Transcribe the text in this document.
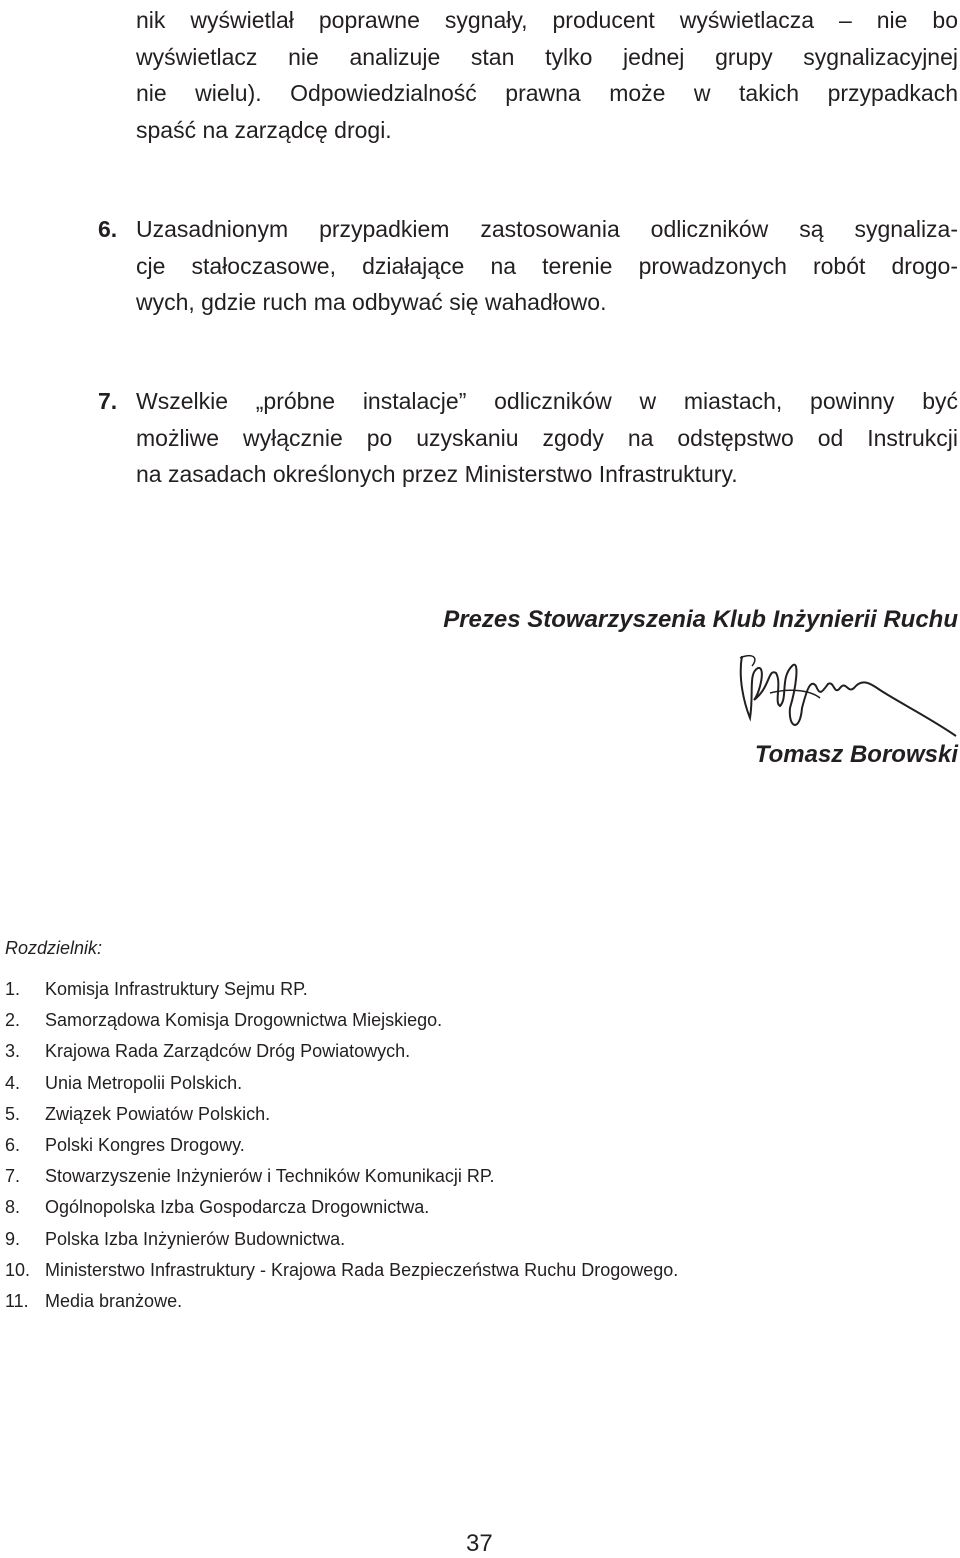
nik wyświetlał poprawne sygnały, producent wyświetlacza – nie bo
wyświetlacz nie analizuje stan tylko jednej grupy sygnalizacyjnej
nie wielu). Odpowiedzialność prawna może w takich przypadkach
spaść na zarządcę drogi.
6. Uzasadnionym przypadkiem zastosowania odliczników są sygnaliza-
cje stałoczasowe, działające na terenie prowadzonych robót drogo-
wych, gdzie ruch ma odbywać się wahadłowo.
7. Wszelkie „próbne instalacje” odliczników w miastach, powinny być
możliwe wyłącznie po uzyskaniu zgody na odstępstwo od Instrukcji
na zasadach określonych przez Ministerstwo Infrastruktury.
Prezes Stowarzyszenia Klub Inżynierii Ruchu
Tomasz Borowski
Rozdzielnik:
1. Komisja Infrastruktury Sejmu RP.
2. Samorządowa Komisja Drogownictwa Miejskiego.
3. Krajowa Rada Zarządców Dróg Powiatowych.
4. Unia Metropolii Polskich.
5. Związek Powiatów Polskich.
6. Polski Kongres Drogowy.
7. Stowarzyszenie Inżynierów i Techników Komunikacji RP.
8. Ogólnopolska Izba Gospodarcza Drogownictwa.
9. Polska Izba Inżynierów Budownictwa.
10. Ministerstwo Infrastruktury - Krajowa Rada Bezpieczeństwa Ruchu Drogowego.
11. Media branżowe.
37
